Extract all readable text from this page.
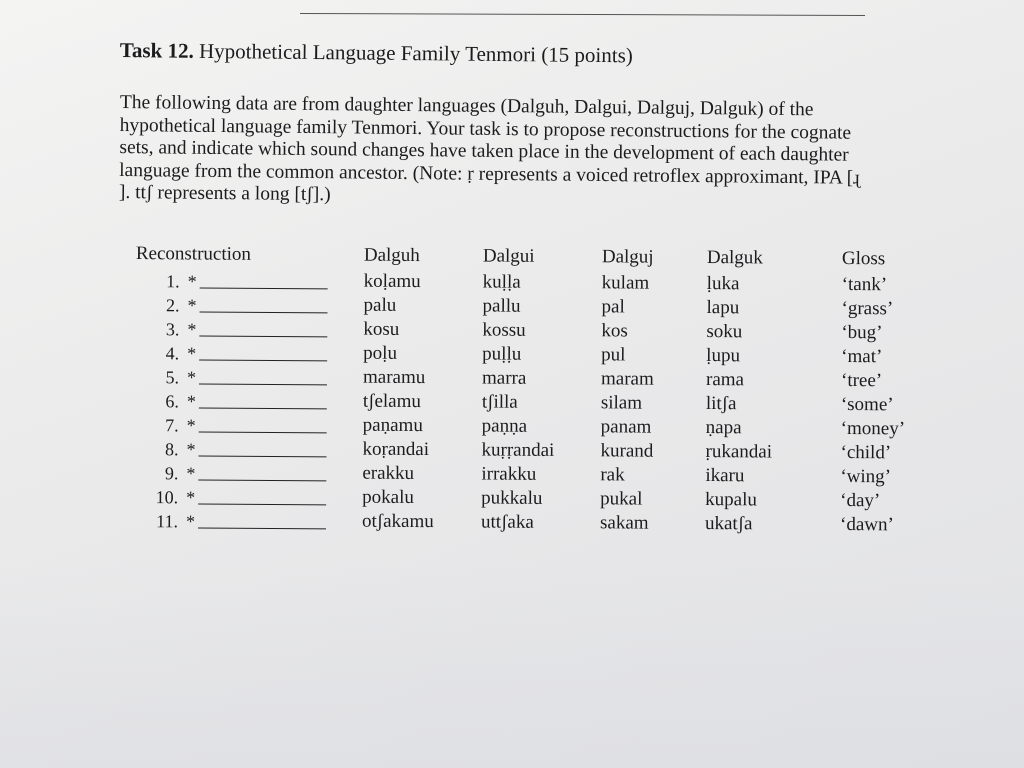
Task 12. Hypothetical Language Family Tenmori (15 points)
The following data are from daughter languages (Dalguh, Dalgui, Dalguj, Dalguk) of the
hypothetical language family Tenmori. Your task is to propose reconstructions for the cognate
sets, and indicate which sound changes have taken place in the development of each daughter
language from the common ancestor. (Note: ṛ represents a voiced retroflex approximant, IPA [ɻ
]. ttʃ represents a long [tʃ].)
Reconstruction
1. *
2. *
3. *
4. *
5. *
6. *
7. *
8. *
9. *
10. *
11. *
Dalguh
koḷamu
palu
kosu
poḷu
maramu
tʃelamu
paṇamu
koṛandai
erakku
pokalu
otʃakamu
Dalgui
kuḷḷa
pallu
kossu
puḷḷu
marra
tʃilla
paṇṇa
kuṛṛandai
irrakku
pukkalu
uttʃaka
Dalguj
kulam
pal
kos
pul
maram
silam
panam
kurand
rak
pukal
sakam
Dalguk
ḷuka
lapu
soku
ḷupu
rama
litʃa
ṇapa
ṛukandai
ikaru
kupalu
ukatʃa
Gloss
‘tank’
‘grass’
‘bug’
‘mat’
‘tree’
‘some’
‘money’
‘child’
‘wing’
‘day’
‘dawn’
